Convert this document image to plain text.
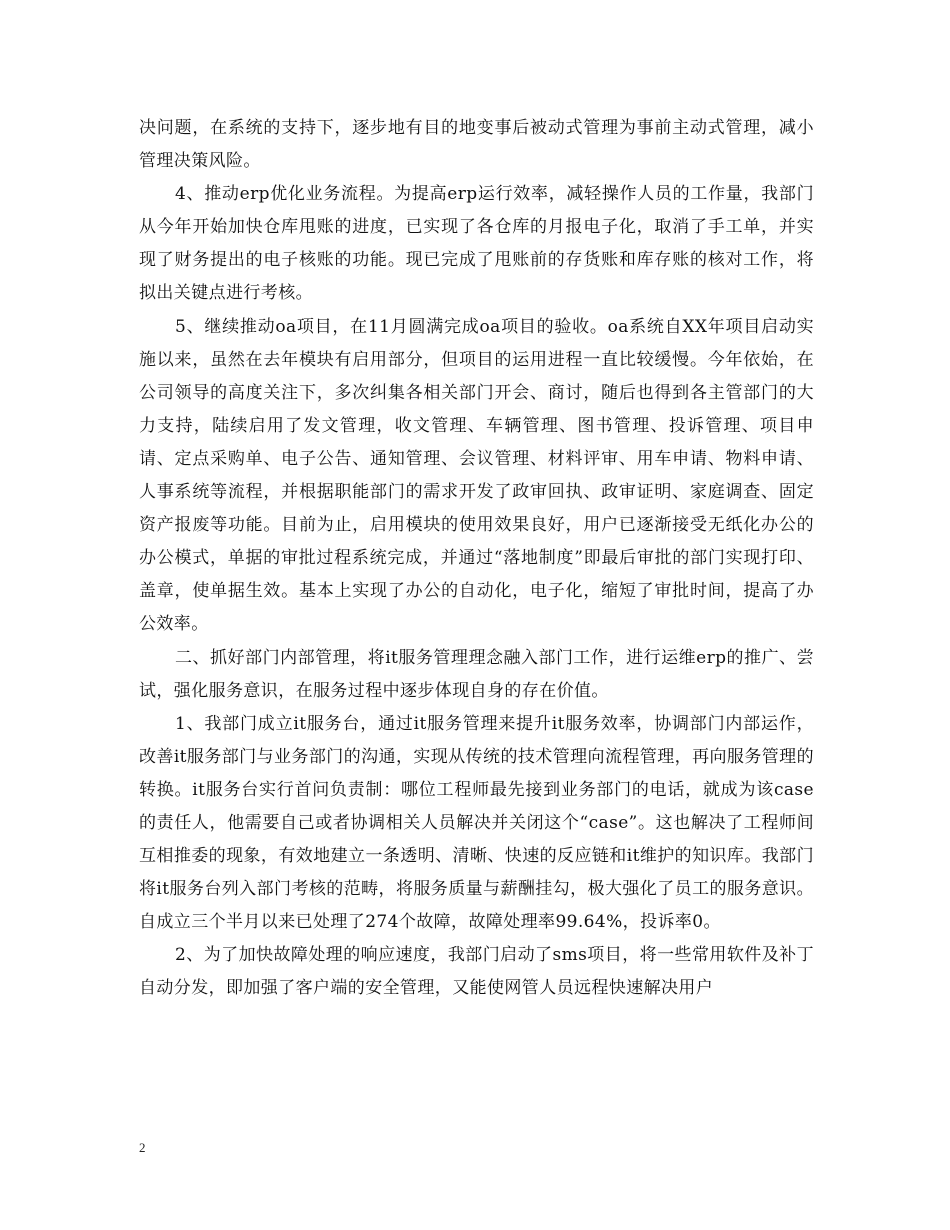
决问题，在系统的支持下，逐步地有目的地变事后被动式管理为事前主动式管理，减小管理决策风险。

4、推动erp优化业务流程。为提高erp运行效率，减轻操作人员的工作量，我部门从今年开始加快仓库甩账的进度，已实现了各仓库的月报电子化，取消了手工单，并实现了财务提出的电子核账的功能。现已完成了甩账前的存货账和库存账的核对工作，将拟出关键点进行考核。

5、继续推动oa项目，在11月圆满完成oa项目的验收。oa系统自XX年项目启动实施以来，虽然在去年模块有启用部分，但项目的运用进程一直比较缓慢。今年依始，在公司领导的高度关注下，多次纠集各相关部门开会、商讨，随后也得到各主管部门的大力支持，陆续启用了发文管理，收文管理、车辆管理、图书管理、投诉管理、项目申请、定点采购单、电子公告、通知管理、会议管理、材料评审、用车申请、物料申请、人事系统等流程，并根据职能部门的需求开发了政审回执、政审证明、家庭调查、固定资产报废等功能。目前为止，启用模块的使用效果良好，用户已逐渐接受无纸化办公的办公模式，单据的审批过程系统完成，并通过“落地制度”即最后审批的部门实现打印、盖章，使单据生效。基本上实现了办公的自动化，电子化，缩短了审批时间，提高了办公效率。

二、抓好部门内部管理，将it服务管理理念融入部门工作，进行运维erp的推广、尝试，强化服务意识，在服务过程中逐步体现自身的存在价值。

1、我部门成立it服务台，通过it服务管理来提升it服务效率，协调部门内部运作，改善it服务部门与业务部门的沟通，实现从传统的技术管理向流程管理，再向服务管理的转换。it服务台实行首问负责制：哪位工程师最先接到业务部门的电话，就成为该case的责任人，他需要自己或者协调相关人员解决并关闭这个“case”。这也解决了工程师间互相推委的现象，有效地建立一条透明、清晰、快速的反应链和it维护的知识库。我部门将it服务台列入部门考核的范畴，将服务质量与薪酬挂勾，极大强化了员工的服务意识。自成立三个半月以来已处理了274个故障，故障处理率99.64%，投诉率0。

2、为了加快故障处理的响应速度，我部门启动了sms项目，将一些常用软件及补丁自动分发，即加强了客户端的安全管理，又能使网管人员远程快速解决用户

2
